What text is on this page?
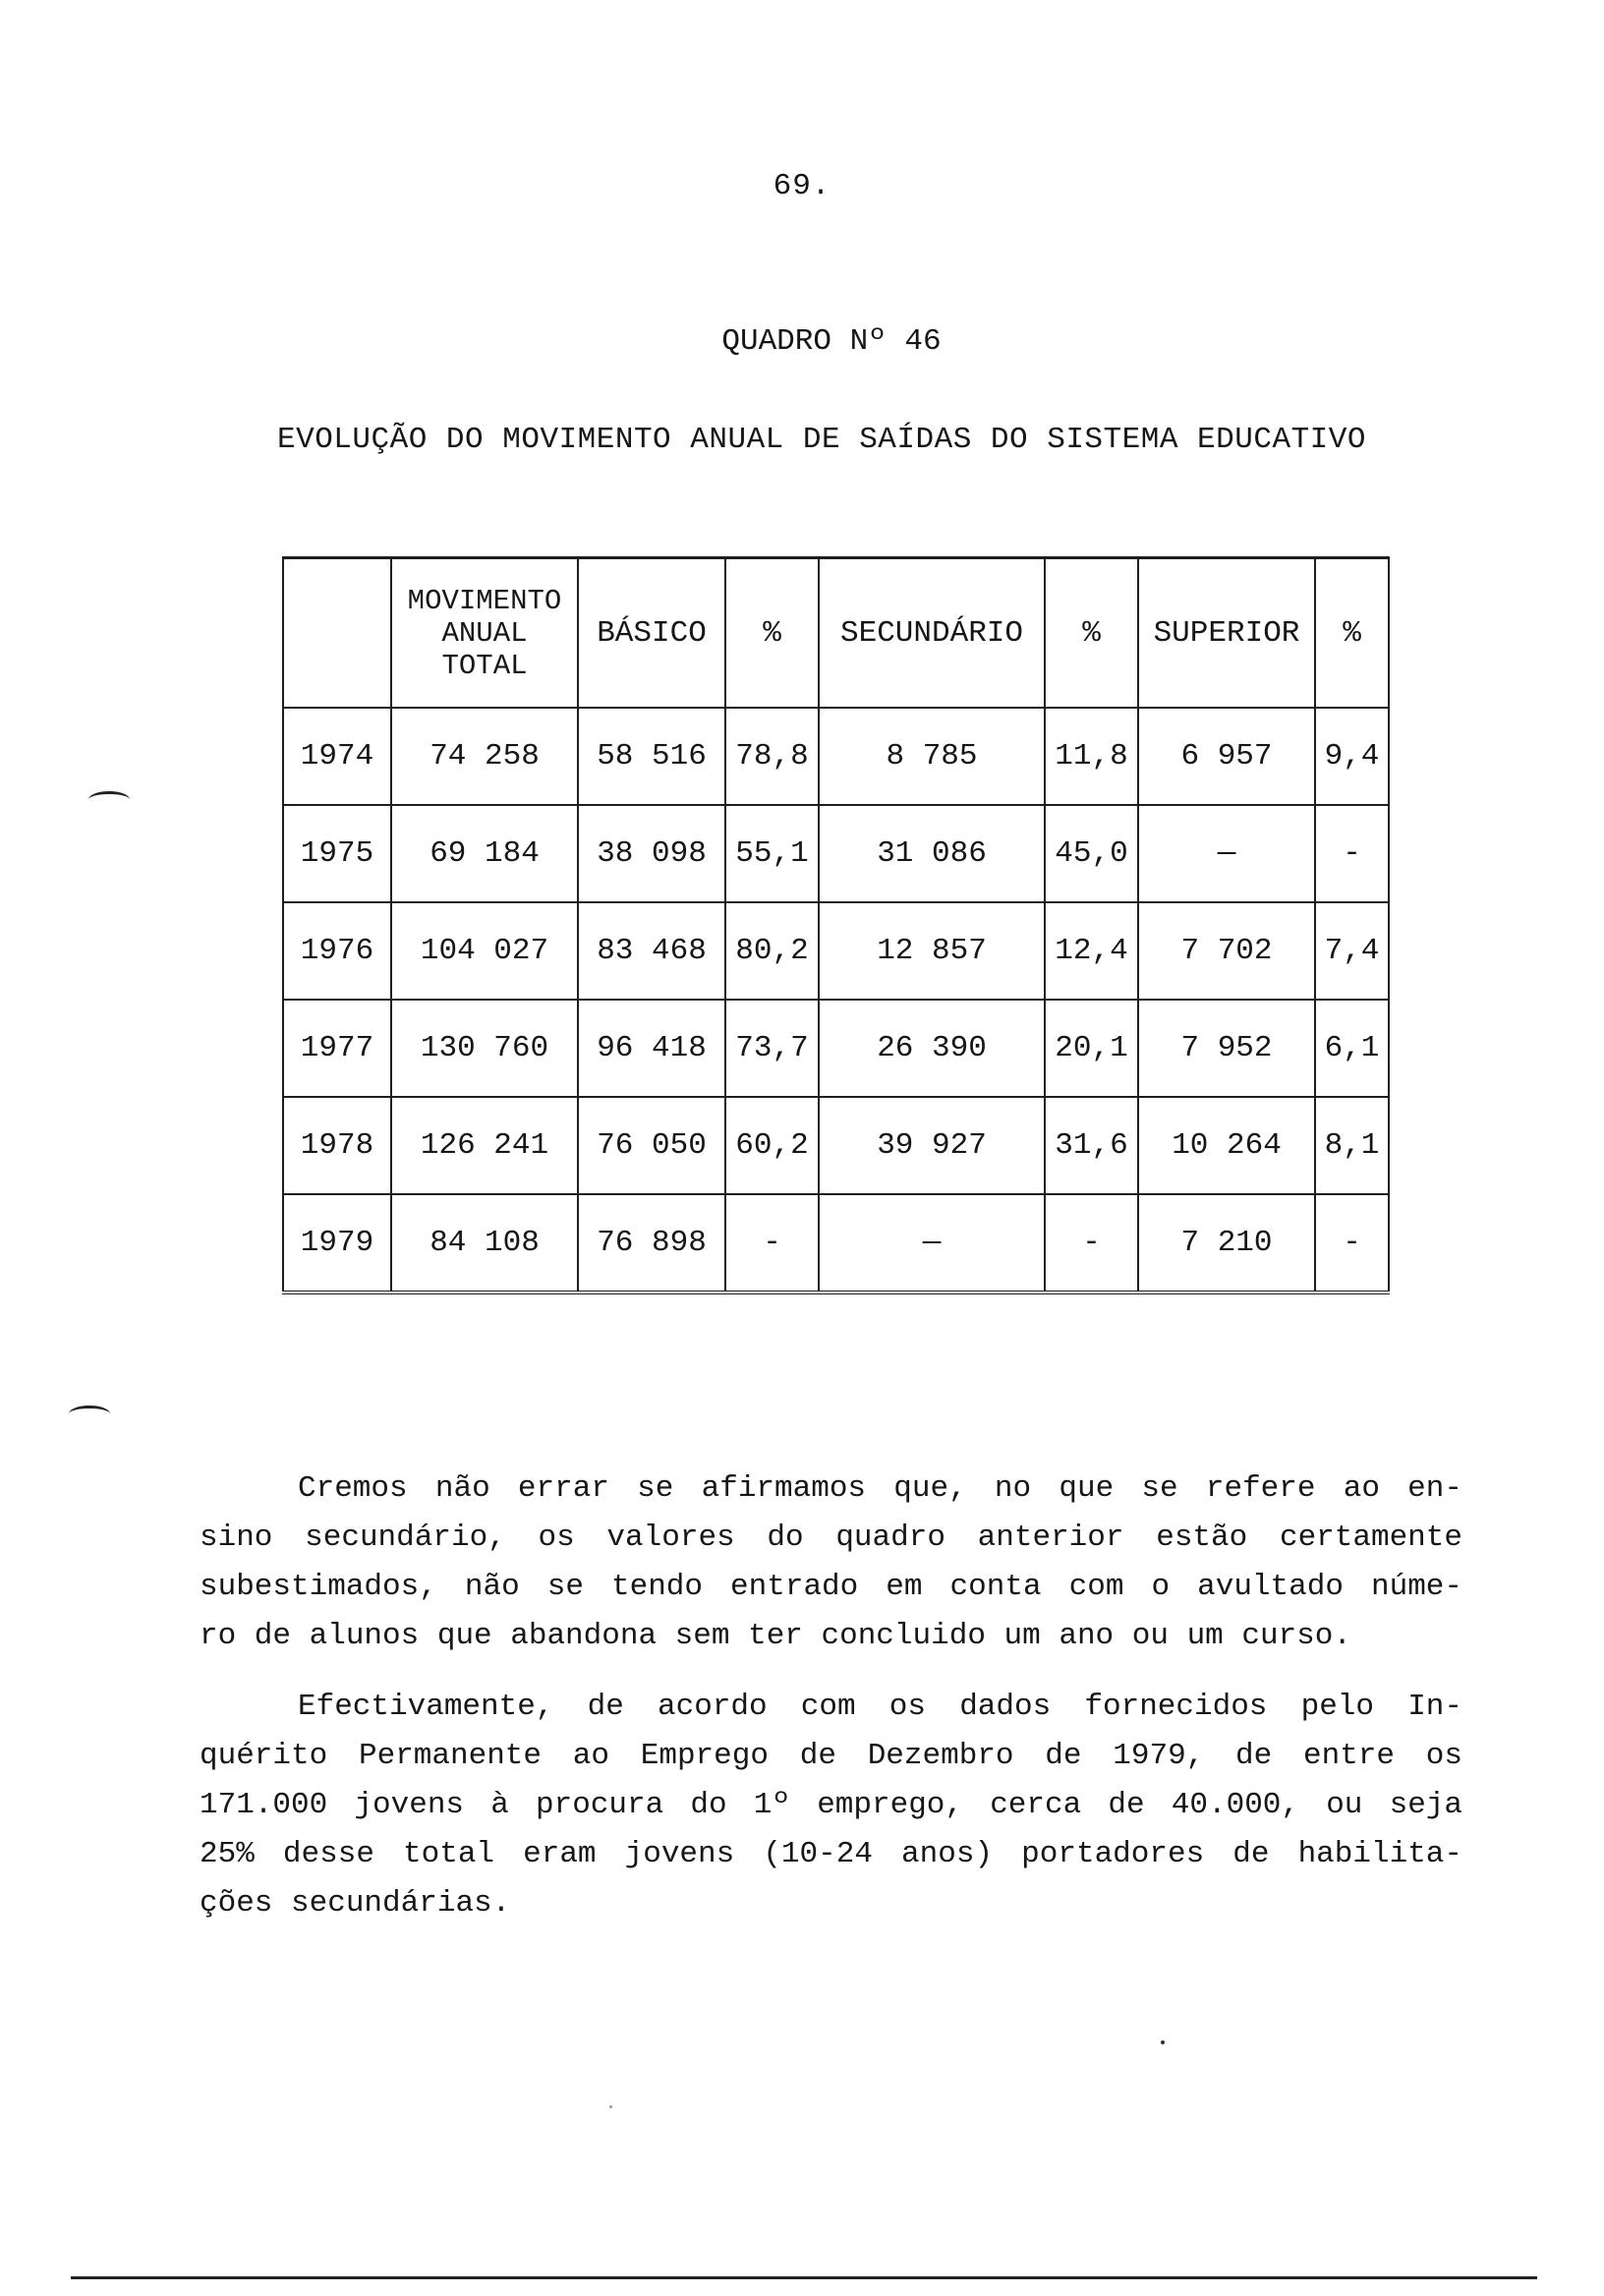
69.
QUADRO Nº 46
EVOLUÇÃO DO MOVIMENTO ANUAL DE SAÍDAS DO SISTEMA EDUCATIVO

	MOVIMENTO
ANUAL
TOTAL	BÁSICO	%	SECUNDÁRIO	%	SUPERIOR	%
1974	74 258	58 516	78,8	8 785	11,8	6 957	9,4
1975	69 184	38 098	55,1	31 086	45,0	—	-
1976	104 027	83 468	80,2	12 857	12,4	7 702	7,4
1977	130 760	96 418	73,7	26 390	20,1	7 952	6,1
1978	126 241	76 050	60,2	39 927	31,6	10 264	8,1
1979	84 108	76 898	-	—	-	7 210	-
Cremos não errar se afirmamos que, no que se refere ao en-
sino secundário, os valores do quadro anterior estão certamente
subestimados, não se tendo entrado em conta com o avultado núme-
ro de alunos que abandona sem ter concluido um ano ou um curso.
Efectivamente, de acordo com os dados fornecidos pelo In-
quérito Permanente ao Emprego de Dezembro de 1979, de entre os
171.000 jovens à procura do 1º emprego, cerca de 40.000, ou seja
25% desse total eram jovens (10-24 anos) portadores de habilita-
ções secundárias.
